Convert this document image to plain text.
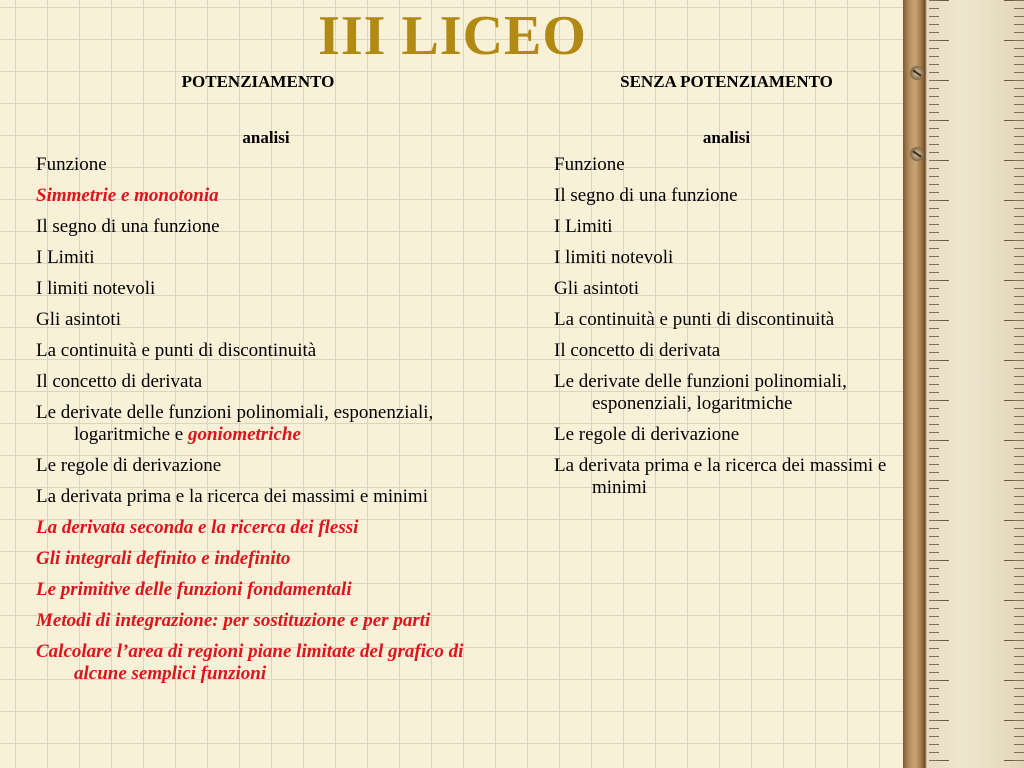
III LICEO
POTENZIAMENTO
analisi
Funzione
Simmetrie e monotonia
Il segno di una funzione
I Limiti
I limiti notevoli
Gli asintoti
La continuità e punti di discontinuità
Il concetto di derivata
Le derivate delle funzioni polinomiali, esponenziali, logaritmiche e goniometriche
Le regole di derivazione
La derivata prima e la ricerca dei massimi e minimi
La derivata seconda e la ricerca dei flessi
Gli integrali definito e indefinito
Le primitive delle funzioni fondamentali
Metodi di integrazione: per sostituzione e per parti
Calcolare l’area di regioni piane limitate del grafico di alcune semplici funzioni
SENZA POTENZIAMENTO
analisi
Funzione
Il segno di una funzione
I Limiti
I limiti notevoli
Gli asintoti
La continuità e punti di discontinuità
Il concetto di derivata
Le derivate delle funzioni polinomiali, esponenziali, logaritmiche
Le regole di derivazione
La derivata prima e la ricerca dei massimi e minimi
